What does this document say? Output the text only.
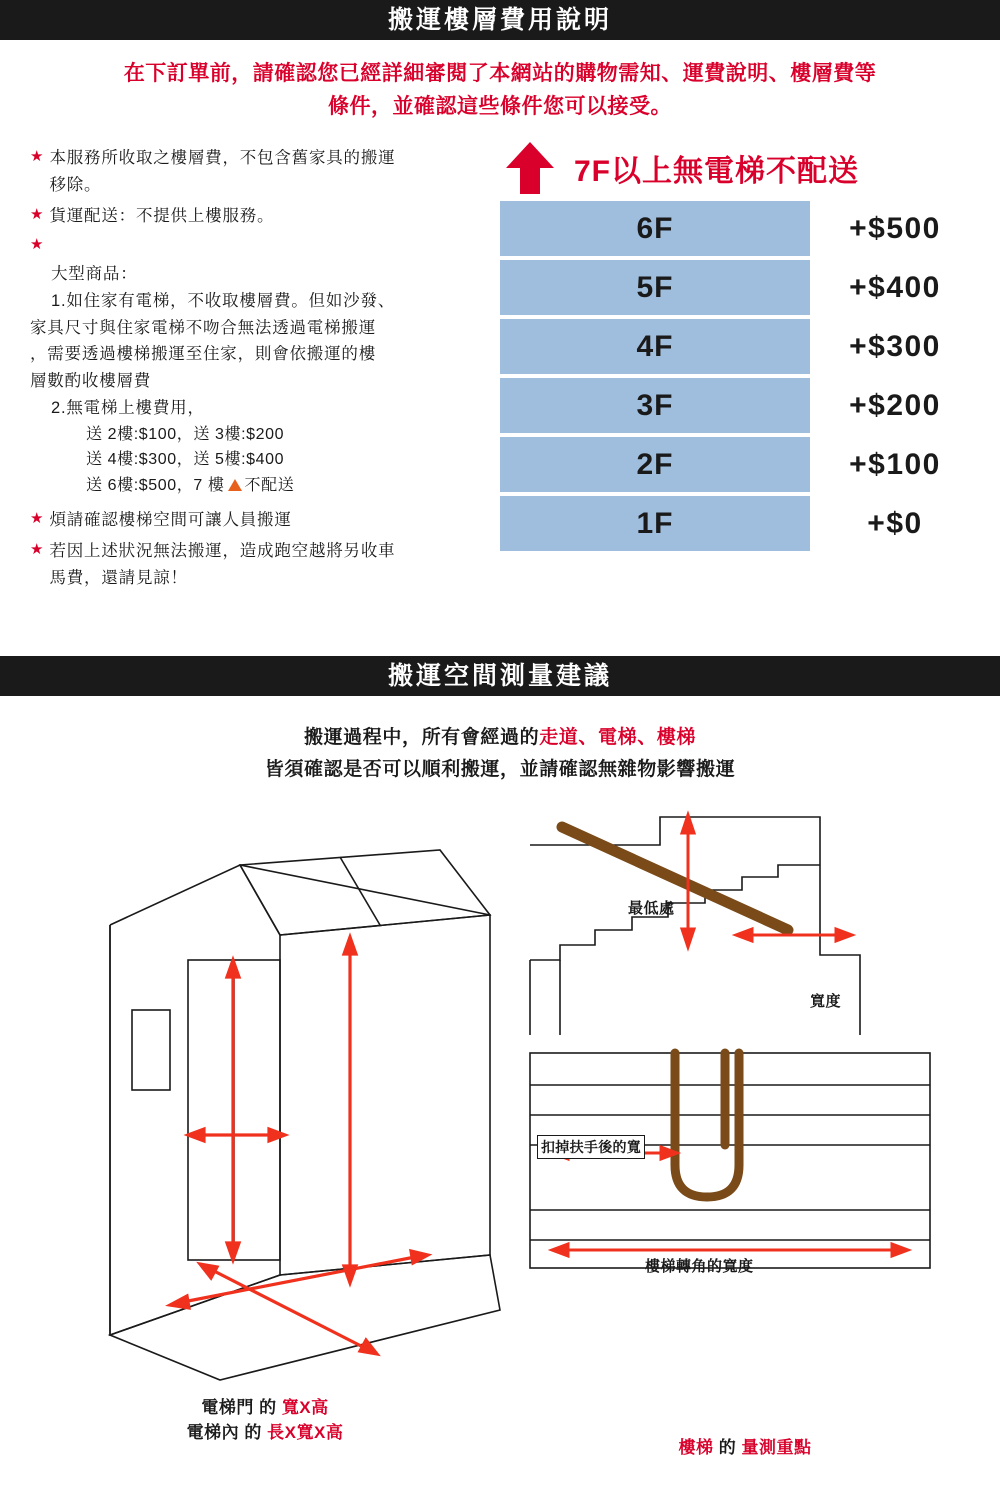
搬運樓層費用說明
在下訂單前，請確認您已經詳細審閱了本網站的購物需知、運費說明、樓層費等
條件，並確認這些條件您可以接受。
★ 本服務所收取之樓層費，不包含舊家具的搬運
移除。
★ 貨運配送：不提供上樓服務。
★
大型商品：
1.如住家有電梯，不收取樓層費。但如沙發、
家具尺寸與住家電梯不吻合無法透過電梯搬運
，需要透過樓梯搬運至住家，則會依搬運的樓
層數酌收樓層費
2.無電梯上樓費用，
送 2樓:$100，送 3樓:$200
送 4樓:$300，送 5樓:$400
送 6樓:$500，7 樓 不配送
★ 煩請確認樓梯空間可讓人員搬運
★ 若因上述狀況無法搬運，造成跑空越將另收車
馬費，還請見諒！
7F以上無電梯不配送
6F	+$500
5F	+$400
4F	+$300
3F	+$200
2F	+$100
1F	+$0
搬運空間測量建議
搬運過程中，所有會經過的走道、電梯、樓梯
皆須確認是否可以順利搬運，並請確認無雜物影響搬運
最低處
寬度
扣掉扶手後的寬
樓梯轉角的寬度
電梯門 的 寬X高
電梯內 的 長X寬X高
樓梯 的 量測重點
